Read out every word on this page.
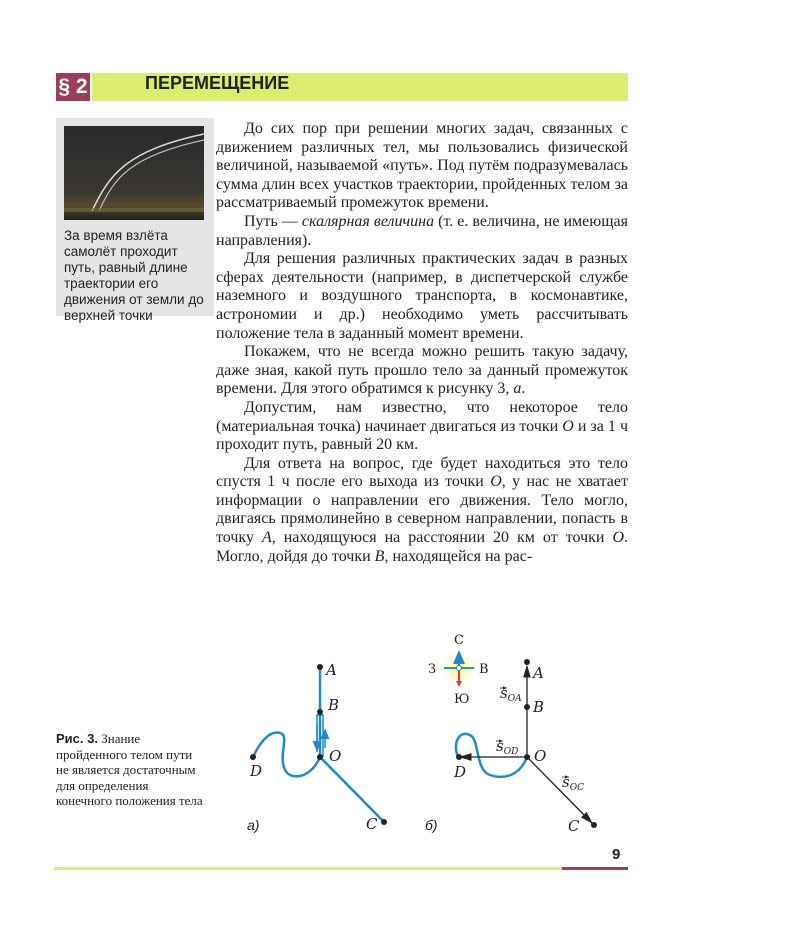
§ 2	ПЕРЕМЕЩЕНИЕ
За время взлёта самолёт проходит путь, равный длине траектории его движения от земли до верхней точки

До сих пор при решении многих задач, связанных с движением различных тел, мы пользовались физической величиной, называемой «путь». Под путём подразумевалась сумма длин всех участков траектории, пройденных телом за рассматриваемый промежуток времени.

Путь — скалярная величина (т. е. величина, не имеющая направления).

Для решения различных практических задач в разных сферах деятельности (например, в диспетчерской службе наземного и воздушного транспорта, в космонавтике, астрономии и др.) необходимо уметь рассчитывать положение тела в заданный момент времени.

Покажем, что не всегда можно решить такую задачу, даже зная, какой путь прошло тело за данный промежуток времени. Для этого обратимся к рисунку 3, а.

Допустим, нам известно, что некоторое тело (материальная точка) начинает двигаться из точки O и за 1 ч проходит путь, равный 20 км.

Для ответа на вопрос, где будет находиться это тело спустя 1 ч после его выхода из точки O, у нас не хватает информации о направлении его движения. Тело могло, двигаясь прямолинейно в северном направлении, попасть в точку A, находящуюся на расстоянии 20 км от точки O. Могло, дойдя до точки B, находящейся на рас-

Рис. 3. Знание пройденного телом пути не является достаточным для определения конечного положения тела
A
B
O
D
C
а)
С
Ю
З	В	A
B
O
D
C
$s_{OA}$
$s_{OD}$
$s_{OC}$
б)
9
